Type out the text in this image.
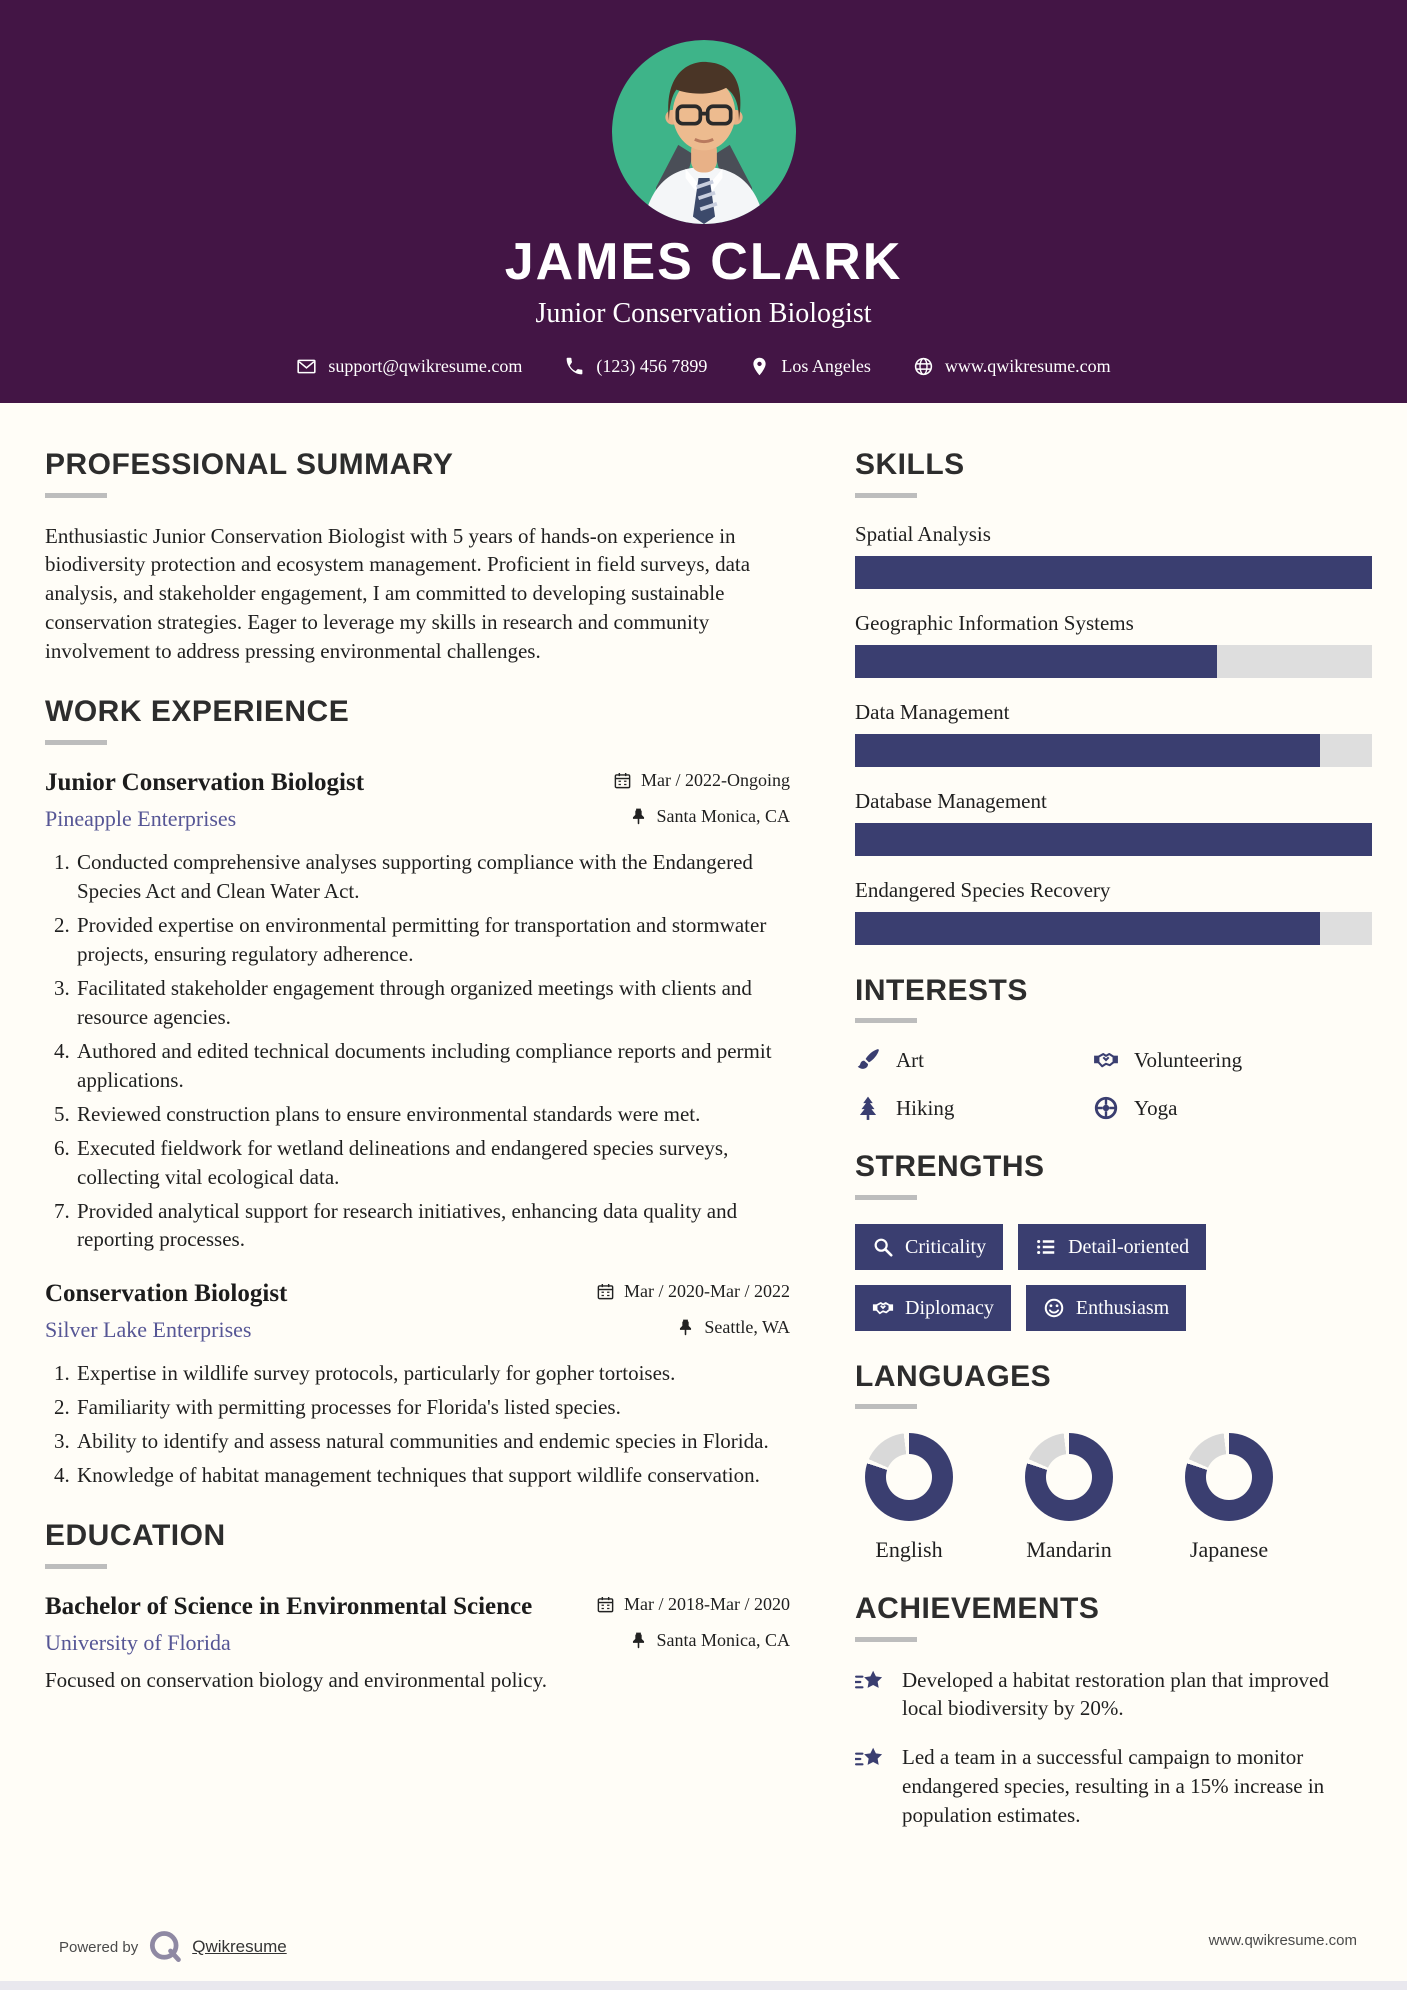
JAMES CLARK
Junior Conservation Biologist
support@qwikresume.com	(123) 456 7899	Los Angeles	www.qwikresume.com
PROFESSIONAL SUMMARY

Enthusiastic Junior Conservation Biologist with 5 years of hands-on experience in biodiversity protection and ecosystem management. Proficient in field surveys, data analysis, and stakeholder engagement, I am committed to developing sustainable conservation strategies. Eager to leverage my skills in research and community involvement to address pressing environmental challenges.

WORK EXPERIENCE
Junior Conservation Biologist	Mar / 2022-Ongoing
Pineapple Enterprises	Santa Monica, CA
1. Conducted comprehensive analyses supporting compliance with the Endangered Species Act and Clean Water Act.
2. Provided expertise on environmental permitting for transportation and stormwater projects, ensuring regulatory adherence.
3. Facilitated stakeholder engagement through organized meetings with clients and resource agencies.
4. Authored and edited technical documents including compliance reports and permit applications.
5. Reviewed construction plans to ensure environmental standards were met.
6. Executed fieldwork for wetland delineations and endangered species surveys, collecting vital ecological data.
7. Provided analytical support for research initiatives, enhancing data quality and reporting processes.
Conservation Biologist	Mar / 2020-Mar / 2022
Silver Lake Enterprises	Seattle, WA
1. Expertise in wildlife survey protocols, particularly for gopher tortoises.
2. Familiarity with permitting processes for Florida's listed species.
3. Ability to identify and assess natural communities and endemic species in Florida.
4. Knowledge of habitat management techniques that support wildlife conservation.
EDUCATION
Bachelor of Science in Environmental Science	Mar / 2018-Mar / 2020
University of Florida	Santa Monica, CA
Focused on conservation biology and environmental policy.
SKILLS
Spatial Analysis
Geographic Information Systems
Data Management
Database Management
Endangered Species Recovery
INTERESTS
Art	Volunteering
Hiking	Yoga
STRENGTHS
Criticality	Detail-oriented
Diplomacy	Enthusiasm
LANGUAGES
English	Mandarin	Japanese
ACHIEVEMENTS
Developed a habitat restoration plan that improved local biodiversity by 20%.
Led a team in a successful campaign to monitor endangered species, resulting in a 15% increase in population estimates.
Powered by	Qwikresume	www.qwikresume.com
